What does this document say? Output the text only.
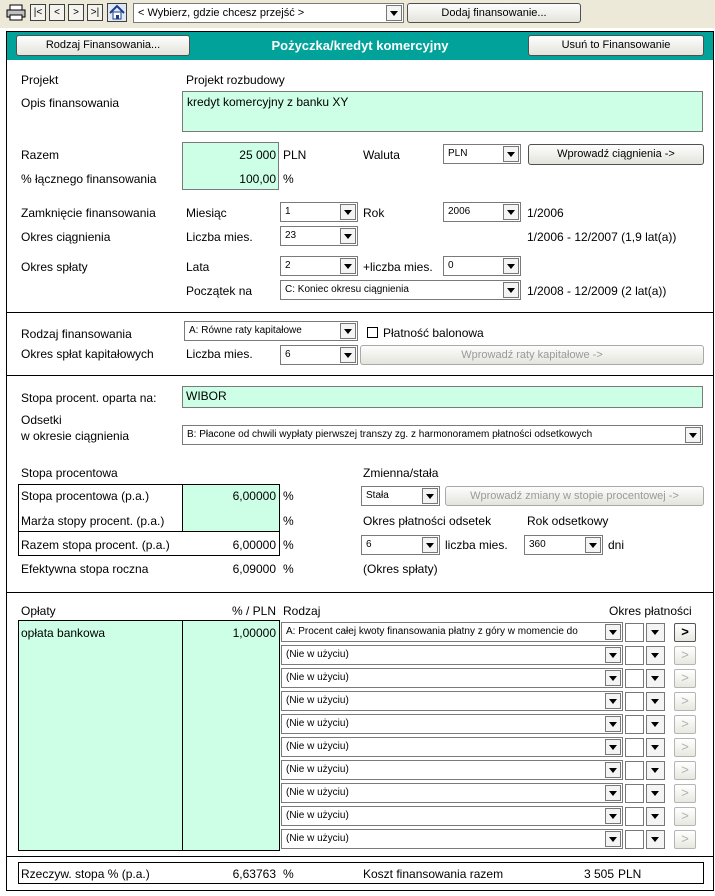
|<	<	>	>|	< Wybierz, gdzie chcesz przejść >	Dodaj finansowanie...
Rodzaj Finansowania...	Pożyczka/kredyt komercyjny	Usuń to Finansowanie
Projekt	Projekt rozbudowy
Opis finansowania	kredyt komercyjny z banku XY
Razem	25 000 PLN	Waluta	PLN	Wprowadź ciągnienia ->
% łącznego finansowania	100,00 %
Zamknięcie finansowania	Miesiąc	1	Rok	2006	1/2006
Okres ciągnienia	Liczba mies.	23	1/2006 - 12/2007 (1,9 lat(a))
Okres spłaty	Lata	2	+liczba mies. 0
Początek na	C: Koniec okresu ciągnienia	1/2008 - 12/2009 (2 lat(a))
Rodzaj finansowania	A: Równe raty kapitałowe	Płatność balonowa
Okres spłat kapitałowych	Liczba mies.	6	Wprowadź raty kapitałowe ->
Stopa procent. oparta na:	WIBOR
Odsetki
w okresie ciągnienia	B: Płacone od chwili wypłaty pierwszej transzy zg. z harmonoramem płatności odsetkowych
Stopa procentowa	Zmienna/stała
Stopa procentowa (p.a.)	6,00000 %	Stała	Wprowadź zmiany w stopie procentowej ->
Marża stopy procent. (p.a.)	%	Okres płatności odsetek	Rok odsetkowy
Razem stopa procent. (p.a.)	6,00000 %	6	liczba mies. 360	dni
Efektywna stopa roczna	6,09000 %	(Okres spłaty)
Opłaty	% / PLN Rodzaj	Okres płatności
opłata bankowa	1,00000 A: Procent całej kwoty finansowania płatny z góry w momencie do	>
(Nie w użyciu)	>
(Nie w użyciu)	>
(Nie w użyciu)	>
(Nie w użyciu)	>
(Nie w użyciu)	>
(Nie w użyciu)	>
(Nie w użyciu)	>
(Nie w użyciu)	>
(Nie w użyciu)	>
Rzeczyw. stopa % (p.a.)	6,63763 %	Koszt finansowania razem	3 505 PLN
